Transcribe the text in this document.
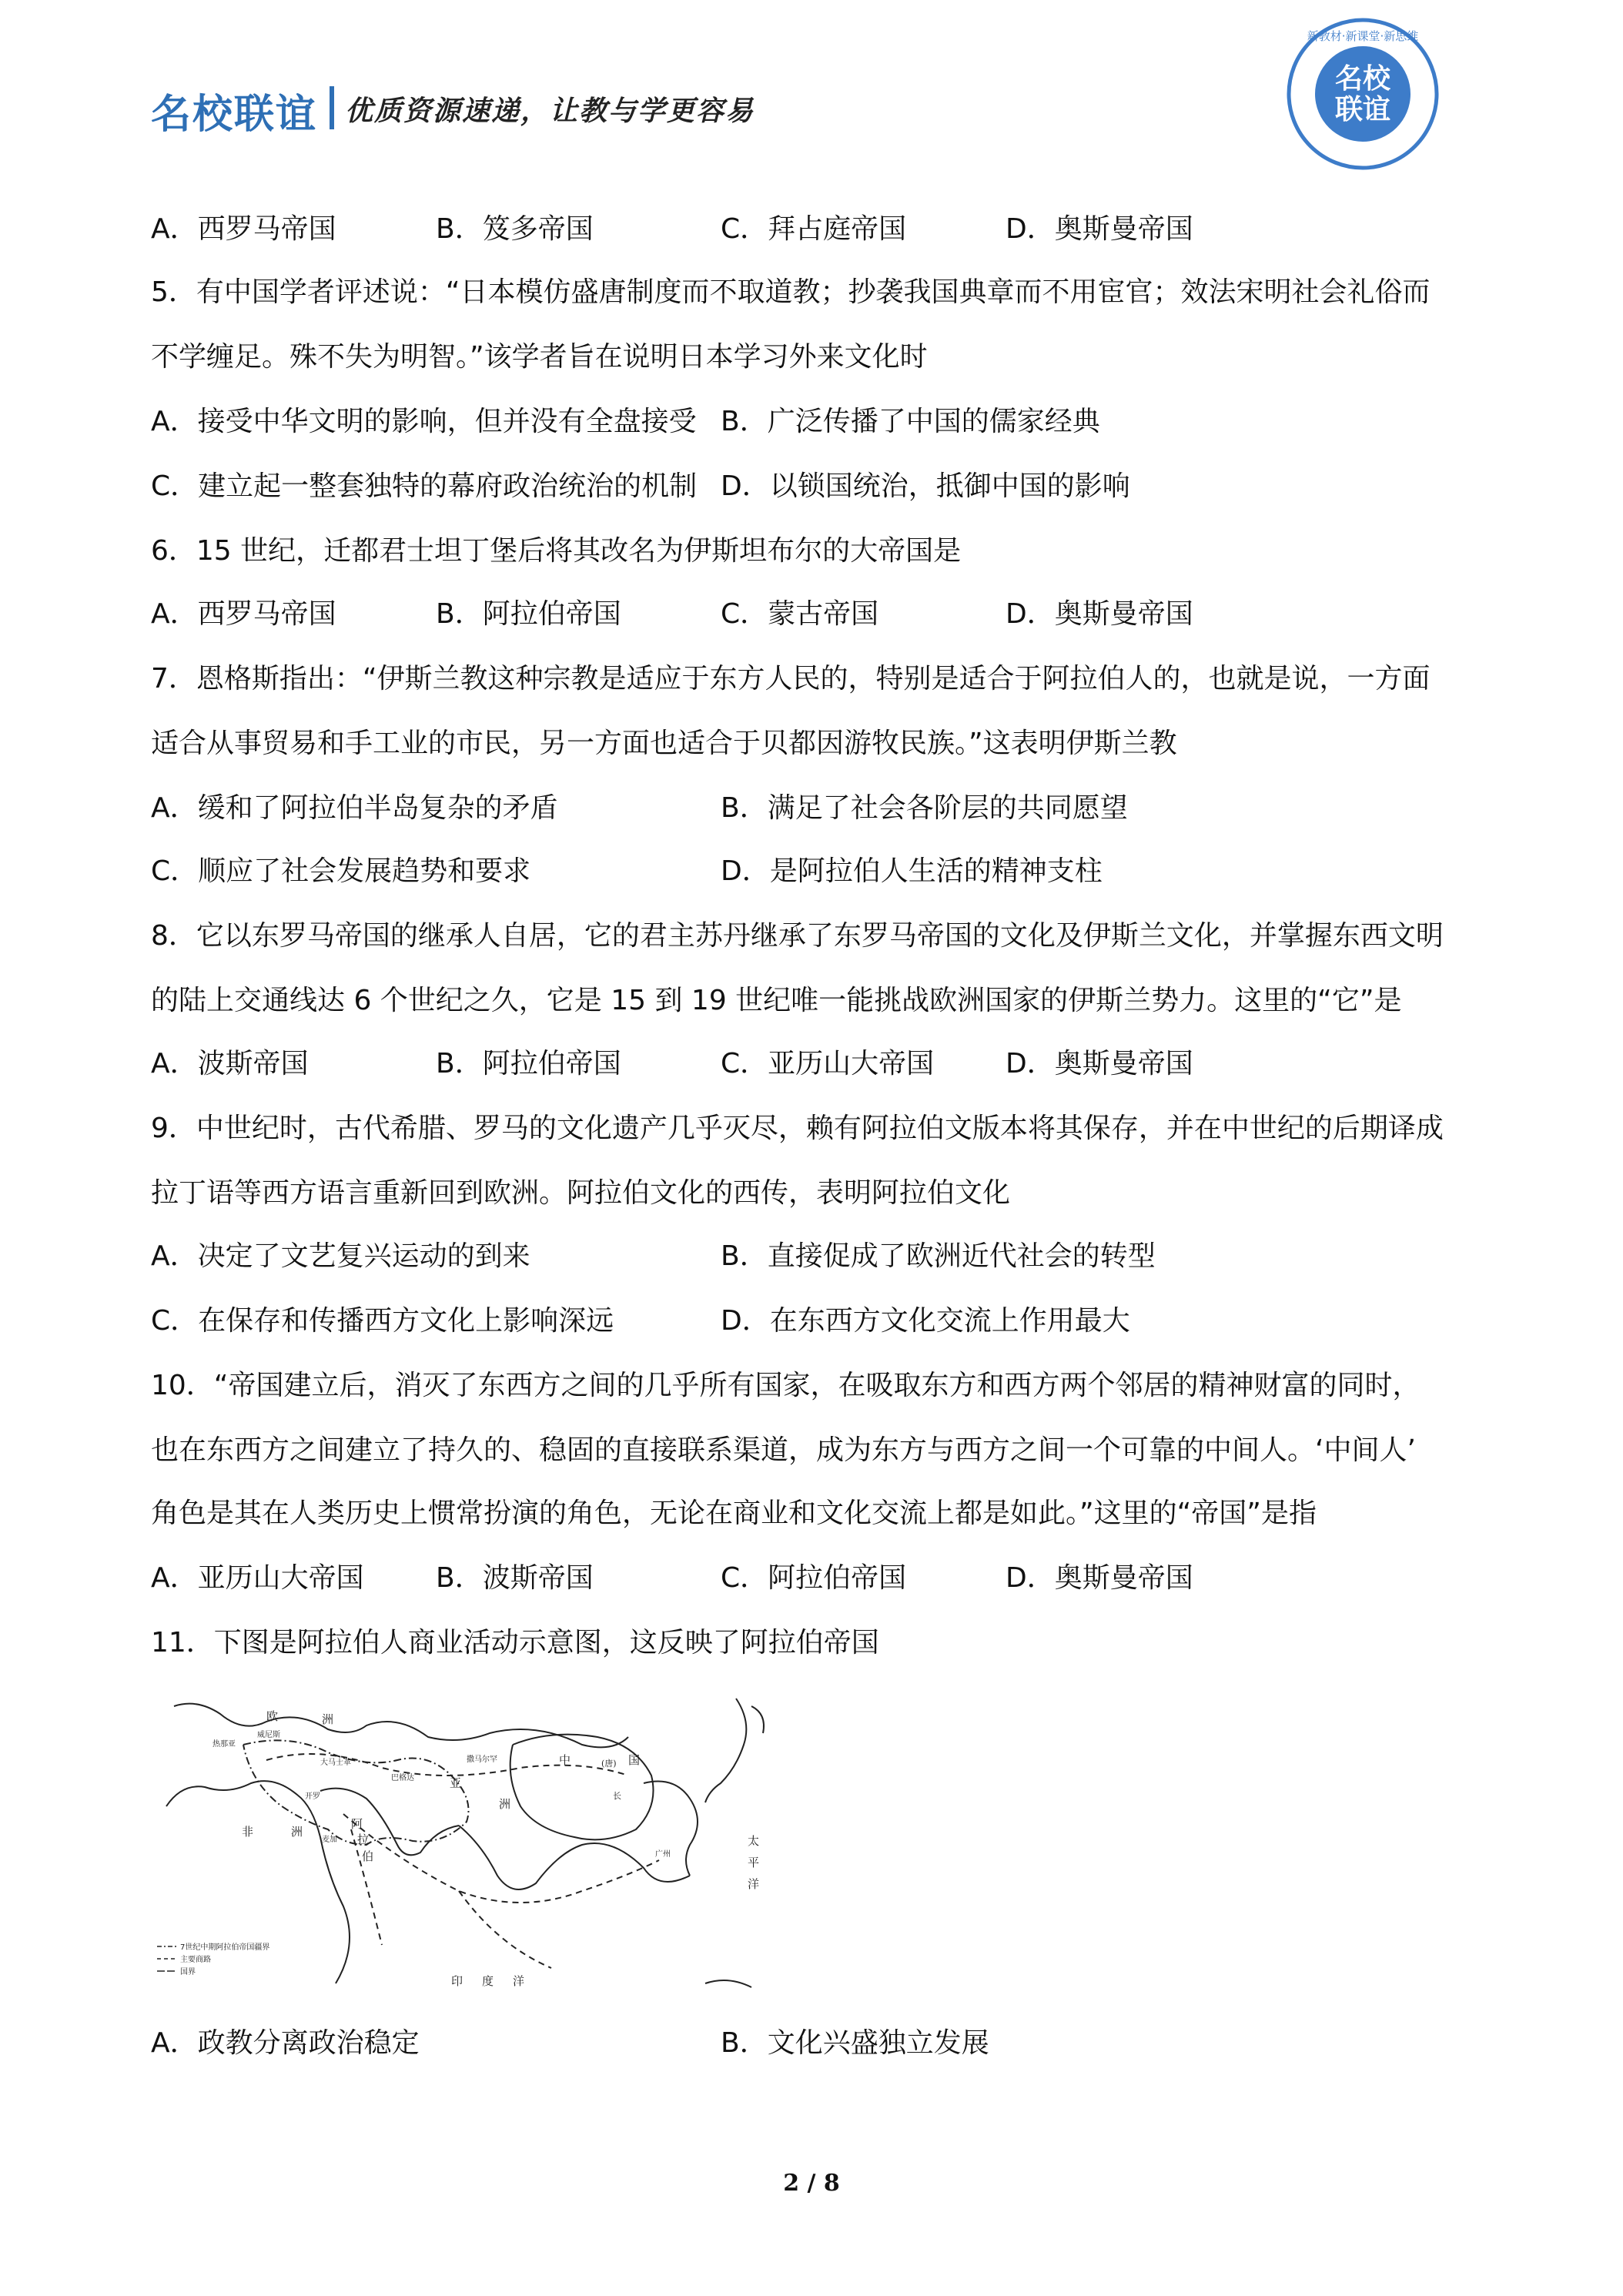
名校联谊 优质资源速递，让教与学更容易
名校
联谊
新教材·新课堂·新思维
A．西罗马帝国	B．笈多帝国	C．拜占庭帝国	D．奥斯曼帝国
5．有中国学者评述说：“日本模仿盛唐制度而不取道教；抄袭我国典章而不用宦官；效法宋明社会礼俗而
不学缠足。殊不失为明智。”该学者旨在说明日本学习外来文化时
A．接受中华文明的影响，但并没有全盘接受 B．广泛传播了中国的儒家经典
C．建立起一整套独特的幕府政治统治的机制 D．以锁国统治，抵御中国的影响
6．15 世纪，迁都君士坦丁堡后将其改名为伊斯坦布尔的大帝国是
A．西罗马帝国	B．阿拉伯帝国	C．蒙古帝国	D．奥斯曼帝国
7．恩格斯指出：“伊斯兰教这种宗教是适应于东方人民的，特别是适合于阿拉伯人的，也就是说，一方面
适合从事贸易和手工业的市民，另一方面也适合于贝都因游牧民族。”这表明伊斯兰教
A．缓和了阿拉伯半岛复杂的矛盾	B．满足了社会各阶层的共同愿望
C．顺应了社会发展趋势和要求	D．是阿拉伯人生活的精神支柱
8．它以东罗马帝国的继承人自居，它的君主苏丹继承了东罗马帝国的文化及伊斯兰文化，并掌握东西文明
的陆上交通线达 6 个世纪之久，它是 15 到 19 世纪唯一能挑战欧洲国家的伊斯兰势力。这里的“它”是
A．波斯帝国	B．阿拉伯帝国	C．亚历山大帝国	D．奥斯曼帝国
9．中世纪时，古代希腊、罗马的文化遗产几乎灭尽，赖有阿拉伯文版本将其保存，并在中世纪的后期译成
拉丁语等西方语言重新回到欧洲。阿拉伯文化的西传，表明阿拉伯文化
A．决定了文艺复兴运动的到来	B．直接促成了欧洲近代社会的转型
C．在保存和传播西方文化上影响深远	D．在东西方文化交流上作用最大
10．“帝国建立后，消灭了东西方之间的几乎所有国家，在吸取东方和西方两个邻居的精神财富的同时，
也在东西方之间建立了持久的、稳固的直接联系渠道，成为东方与西方之间一个可靠的中间人。‘中间人’
角色是其在人类历史上惯常扮演的角色，无论在商业和文化交流上都是如此。”这里的“帝国”是指
A．亚历山大帝国	B．波斯帝国	C．阿拉伯帝国	D．奥斯曼帝国
11．下图是阿拉伯人商业活动示意图，这反映了阿拉伯帝国
欧	洲
非	洲
亚
洲
阿
拉
伯
印 度 洋
太
平
洋
中	国
(唐)
威尼斯
热那亚
大马士革
巴格达
开罗
麦加
撒马尔罕
长
广州
7世纪中期阿拉伯帝国疆界
主要商路
国界
A．政教分离政治稳定	B．文化兴盛独立发展
2 / 8
